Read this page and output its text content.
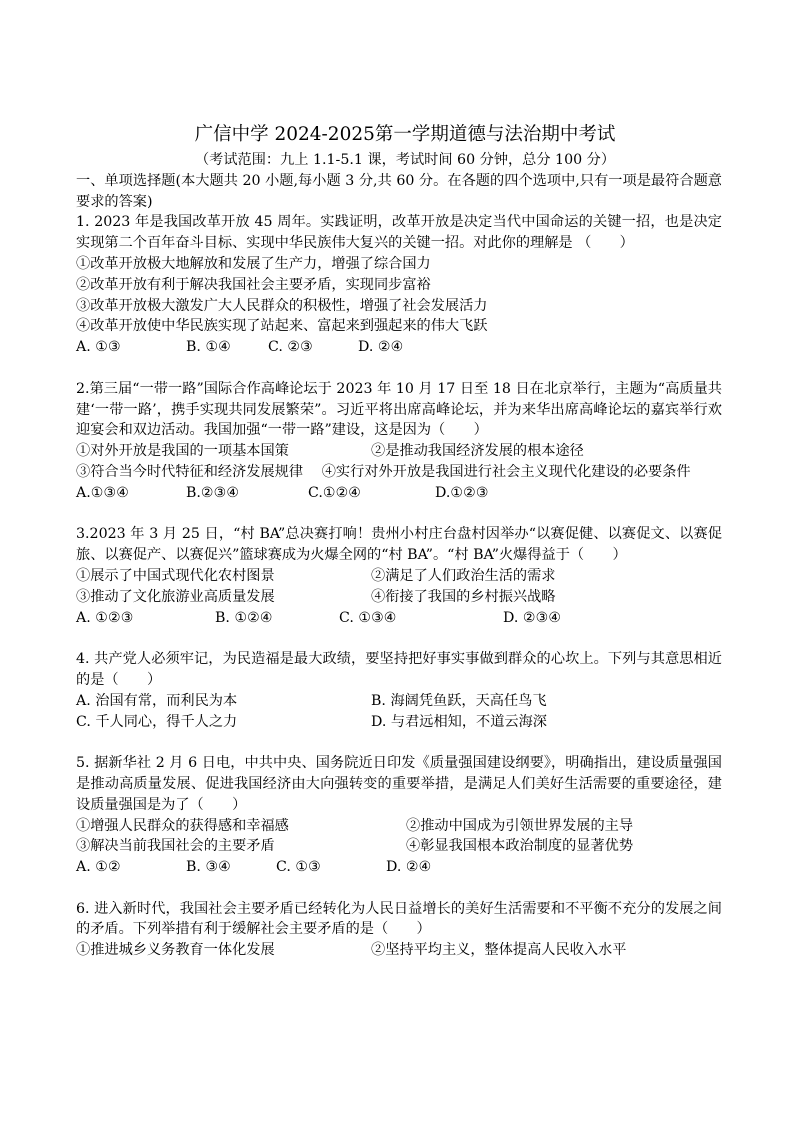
广信中学 2024-2025第一学期道德与法治期中考试
（考试范围：九上 1.1-5.1 课，考试时间 60 分钟，总分 100 分）
一、单项选择题(本大题共 20 小题,每小题 3 分,共 60 分。在各题的四个选项中,只有一项是最符合题意要求的答案)
1. 2023 年是我国改革开放 45 周年。实践证明，改革开放是决定当代中国命运的关键一招，也是决定实现第二个百年奋斗目标、实现中华民族伟大复兴的关键一招。对此你的理解是 （　　）
①改革开放极大地解放和发展了生产力，增强了综合国力
②改革开放有利于解决我国社会主要矛盾，实现同步富裕
③改革开放极大激发广大人民群众的积极性，增强了社会发展活力
④改革开放使中华民族实现了站起来、富起来到强起来的伟大飞跃
A. ①③	B. ①④	C. ②③	D. ②④
2.第三届“一带一路”国际合作高峰论坛于 2023 年 10 月 17 日至 18 日在北京举行，主题为“高质量共建‘一带一路’，携手实现共同发展繁荣”。习近平将出席高峰论坛，并为来华出席高峰论坛的嘉宾举行欢迎宴会和双边活动。我国加强“一带一路”建设，这是因为（　　）
①对外开放是我国的一项基本国策	②是推动我国经济发展的根本途径
③符合当今时代特征和经济发展规律　 ④实行对外开放是我国进行社会主义现代化建设的必要条件
A.①③④	B.②③④	C.①②④	D.①②③
3.2023 年 3 月 25 日，“村 BA”总决赛打响！贵州小村庄台盘村因举办“以赛促健、以赛促文、以赛促旅、以赛促产、以赛促兴”篮球赛成为火爆全网的“村 BA”。“村 BA”火爆得益于（　　）
①展示了中国式现代化农村图景	②满足了人们政治生活的需求
③推动了文化旅游业高质量发展	④衔接了我国的乡村振兴战略
A. ①②③	B. ①②④	C. ①③④	D. ②③④
4. 共产党人必须牢记，为民造福是最大政绩，要坚持把好事实事做到群众的心坎上。下列与其意思相近的是（　　）
A. 治国有常，而利民为本	B. 海阔凭鱼跃，天高任鸟飞
C. 千人同心，得千人之力	D. 与君远相知，不道云海深
5. 据新华社 2 月 6 日电，中共中央、国务院近日印发《质量强国建设纲要》，明确指出，建设质量强国是推动高质量发展、促进我国经济由大向强转变的重要举措，是满足人们美好生活需要的重要途径，建设质量强国是为了（　　）
①增强人民群众的获得感和幸福感	②推动中国成为引领世界发展的主导
③解决当前我国社会的主要矛盾	④彰显我国根本政治制度的显著优势
A. ①②	B. ③④	C. ①③	D. ②④
6. 进入新时代，我国社会主要矛盾已经转化为人民日益增长的美好生活需要和不平衡不充分的发展之间的矛盾。下列举措有利于缓解社会主要矛盾的是（　　）
①推进城乡义务教育一体化发展	②坚持平均主义，整体提高人民收入水平
